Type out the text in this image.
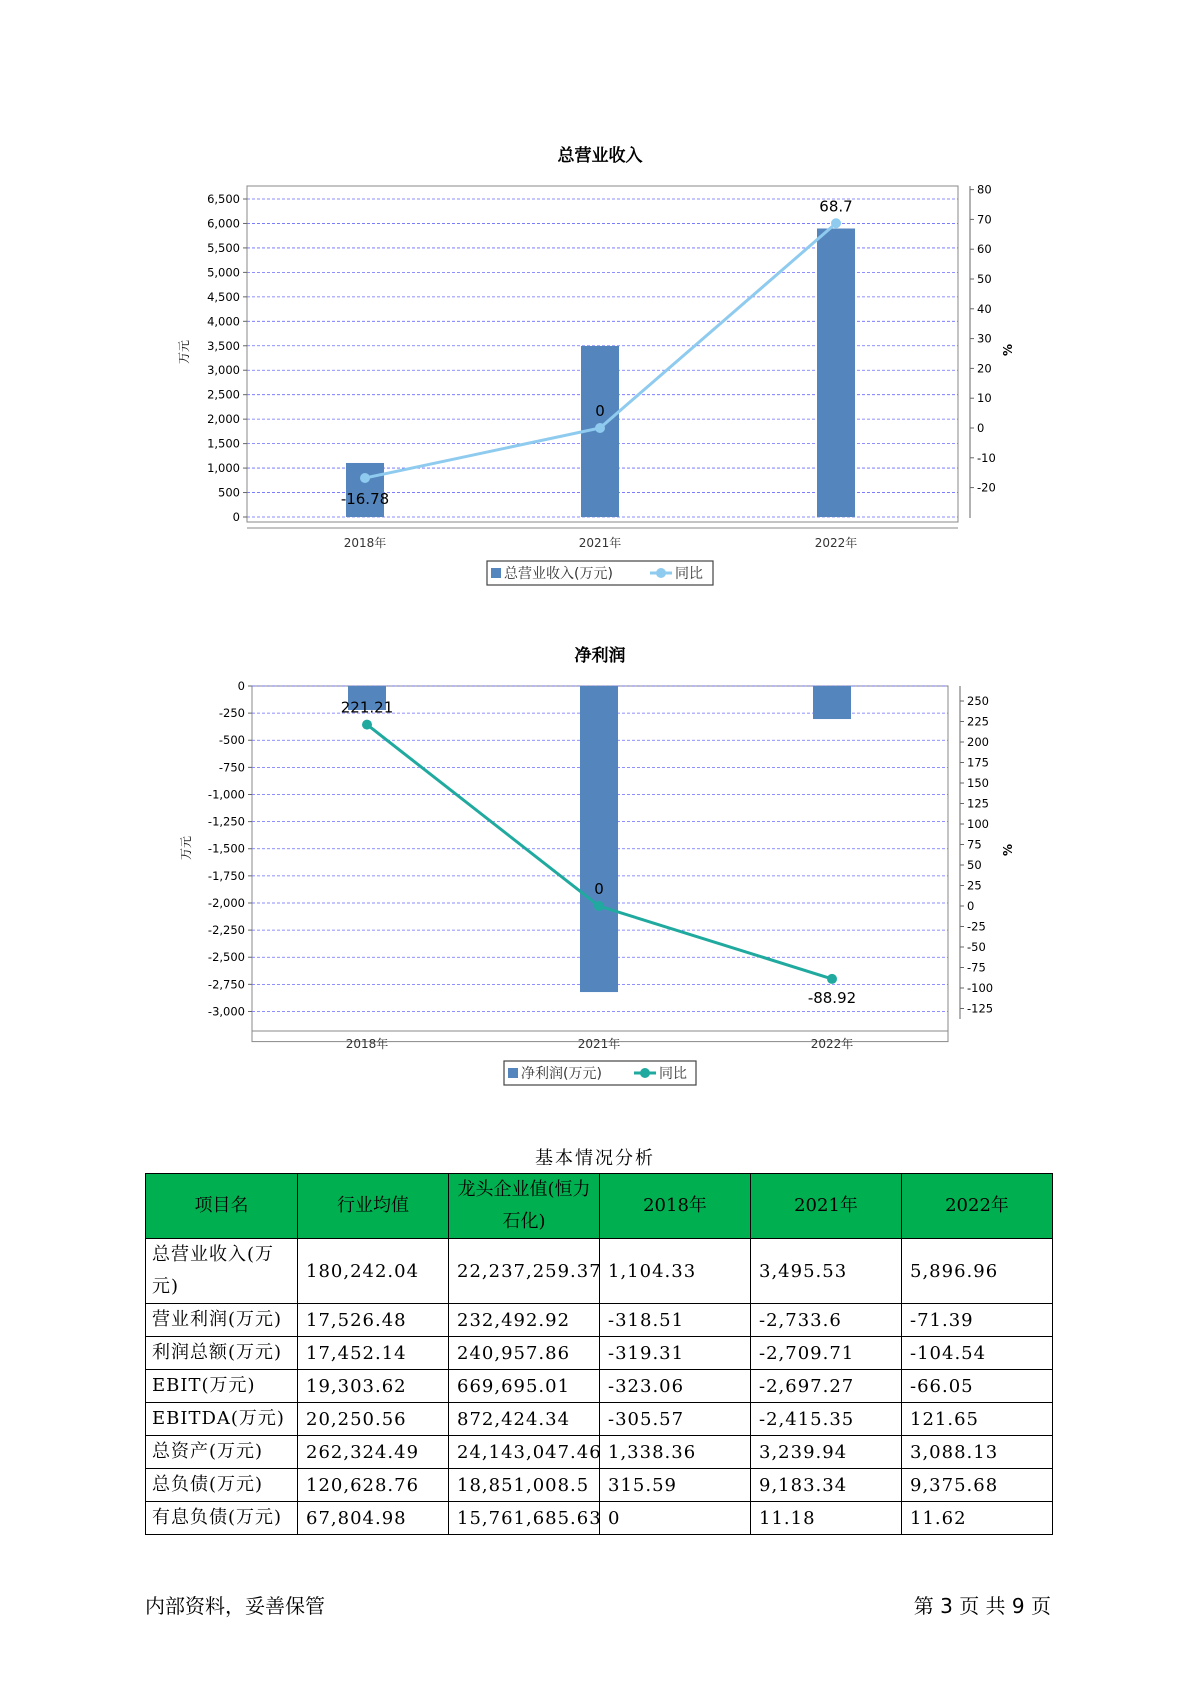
总营业收入
0
500
1,000
1,500
2,000
2,500
3,000
3,500
4,000
4,500
5,000
5,500
6,000
6,500
-20
-10
0
10
20
30
40
50
60
70
80
万元	%
2018年	2021年	2022年
-16.78
0
68.7
总营业收入(万元)	同比
净利润
0
-250
-500
-750
-1,000
-1,250
-1,500
-1,750
-2,000
-2,250
-2,500
-2,750
-3,000
250
225
200
175
150
125
100
75
50
25
0
-25
-50
-75
-100
-125
万元	%
2018年	2021年	2022年
221.21
0
-88.92
净利润(万元)	同比
基本情况分析
项目名	行业均值	龙头企业值(恒力石化)	2018年	2021年	2022年
总营业收入(万元)	180,242.04	22,237,259.37	1,104.33	3,495.53	5,896.96
营业利润(万元)	17,526.48	232,492.92	-318.51	-2,733.6	-71.39
利润总额(万元)	17,452.14	240,957.86	-319.31	-2,709.71	-104.54
EBIT(万元)	19,303.62	669,695.01	-323.06	-2,697.27	-66.05
EBITDA(万元)	20,250.56	872,424.34	-305.57	-2,415.35	121.65
总资产(万元)	262,324.49	24,143,047.46	1,338.36	3,239.94	3,088.13
总负债(万元)	120,628.76	18,851,008.5	315.59	9,183.34	9,375.68
有息负债(万元)	67,804.98	15,761,685.63	0	11.18	11.62
内部资料，妥善保管	第 3 页 共 9 页
